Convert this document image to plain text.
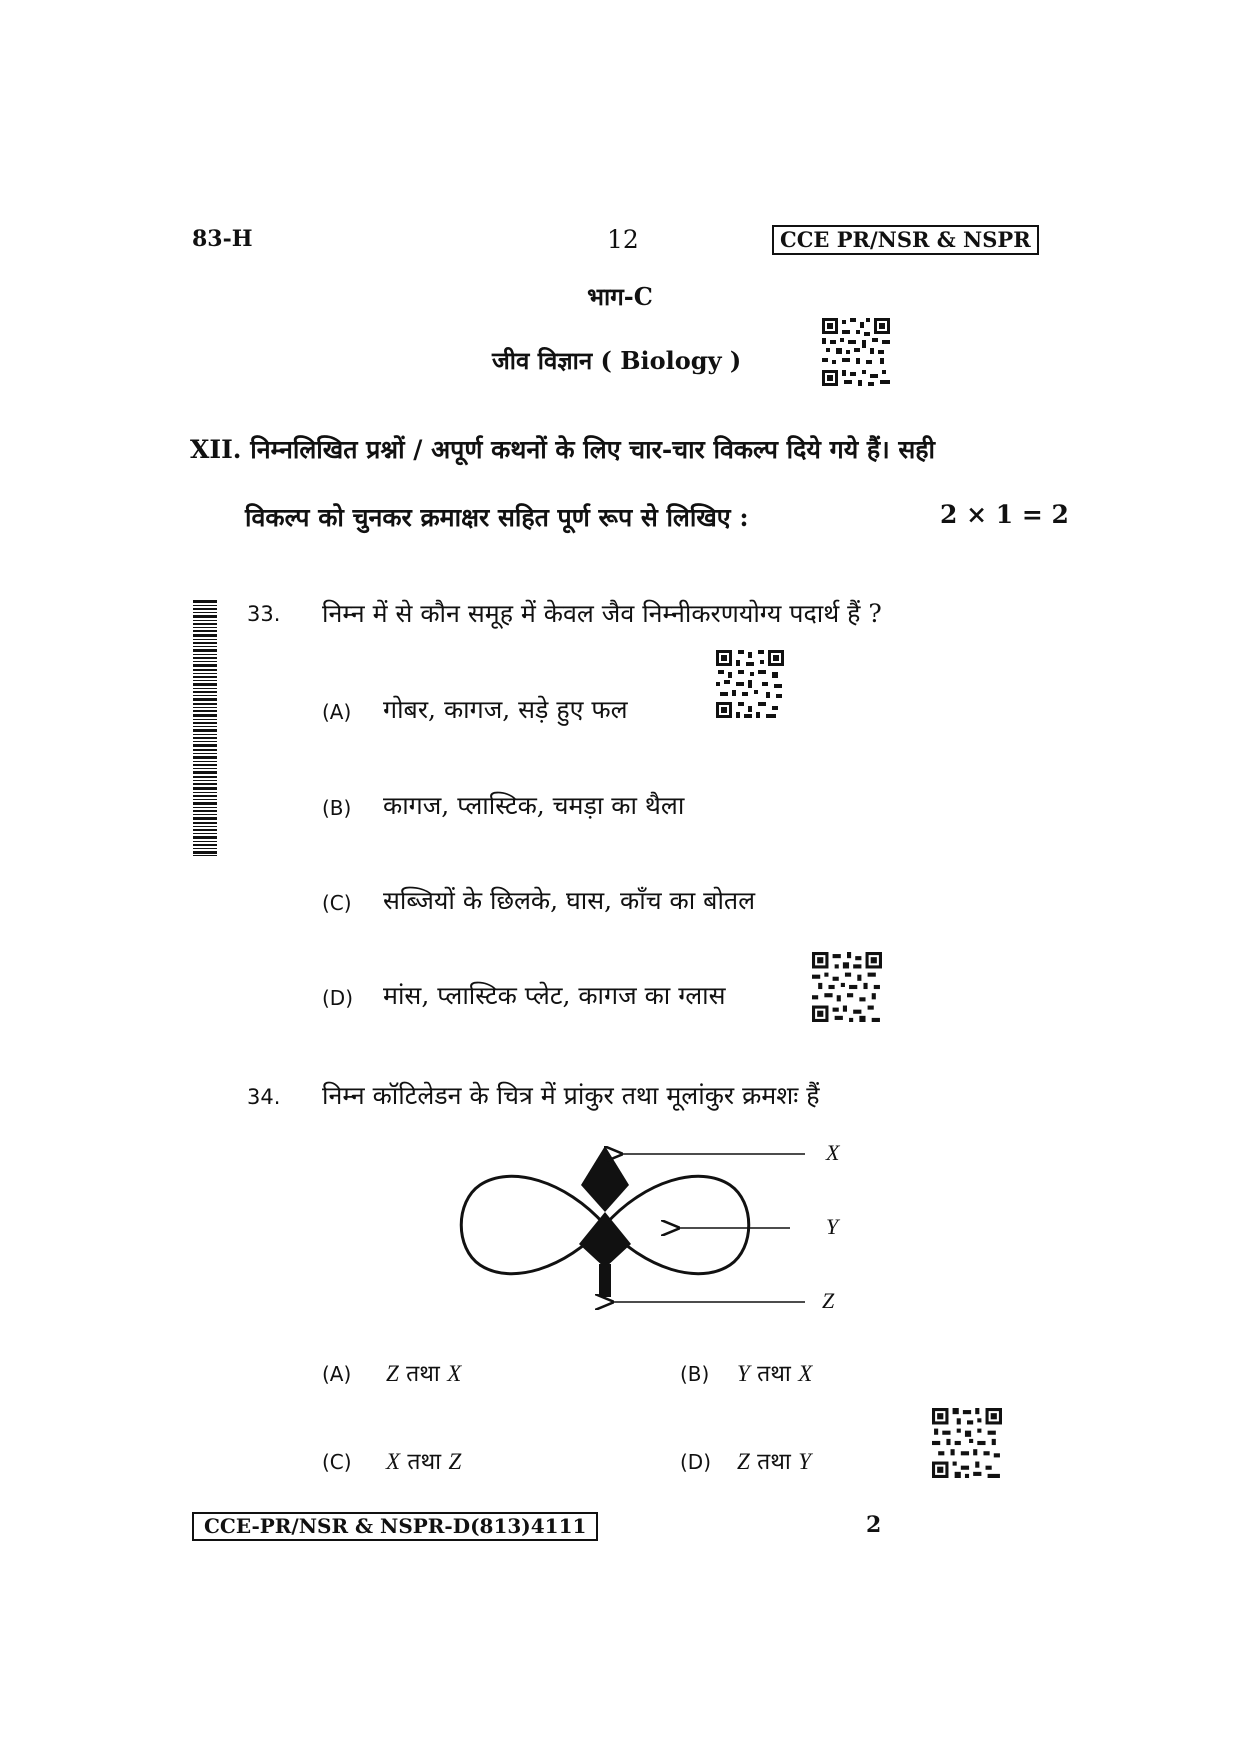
83-H	12	CCE PR/NSR & NSPR
भाग-C
जीव विज्ञान ( Biology )
XII. निम्नलिखित प्रश्नों / अपूर्ण कथनों के लिए चार-चार विकल्प दिये गये हैं। सही
विकल्प को चुनकर क्रमाक्षर सहित पूर्ण रूप से लिखिए :	2 × 1 = 2
33. निम्न में से कौन समूह में केवल जैव निम्नीकरणयोग्य पदार्थ हैं ?
(A) गोबर, कागज, सड़े हुए फल
(B) कागज, प्लास्टिक, चमड़ा का थैला
(C) सब्जियों के छिलके, घास, काँच का बोतल
(D) मांस, प्लास्टिक प्लेट, कागज का ग्लास
34. निम्न कॉटिलेडन के चित्र में प्रांकुर तथा मूलांकुर क्रमशः हैं
X
Y
Z
(A) Z तथा X	(B) Y तथा X
(C) X तथा Z	(D) Z तथा Y
CCE-PR/NSR & NSPR-D(813)4111	2
